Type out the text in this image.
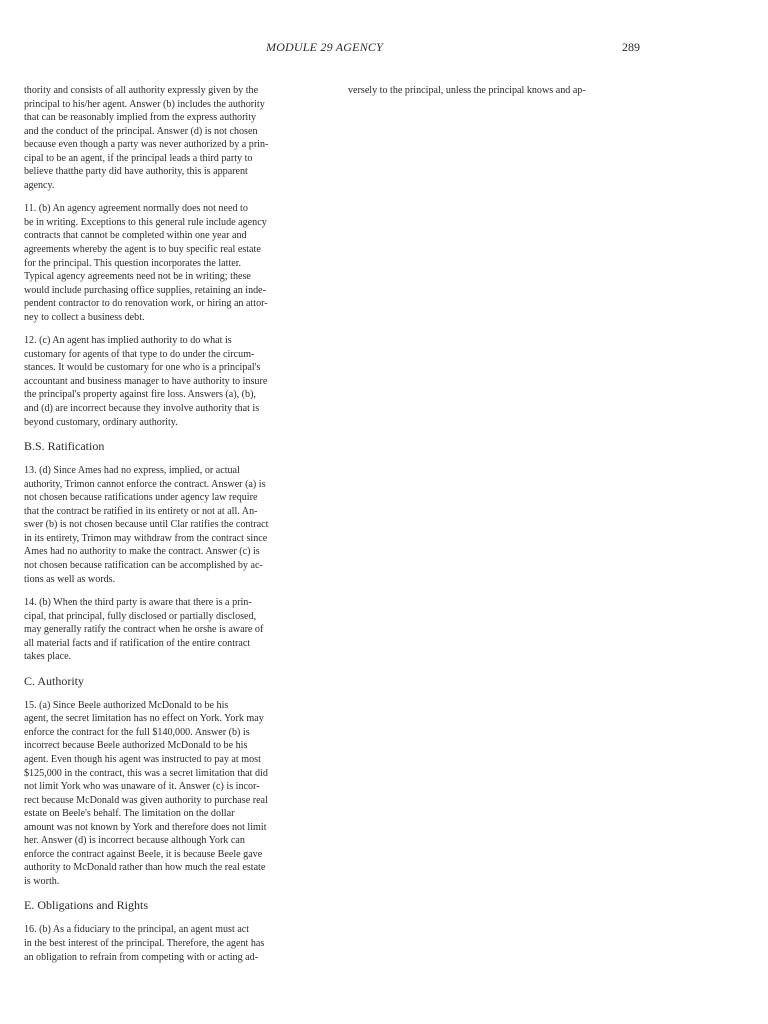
MODULE 29 AGENCY	289
thority and consists of all authority expressly given by the
principal to his/her agent. Answer (b) includes the authority
that can be reasonably implied from the express authority
and the conduct of the principal. Answer (d) is not chosen
because even though a party was never authorized by a prin-
cipal to be an agent, if the principal leads a third party to
believe thatthe party did have authority, this is apparent
agency.
11. (b) An agency agreement normally does not need to
be in writing. Exceptions to this general rule include agency
contracts that cannot be completed within one year and
agreements whereby the agent is to buy specific real estate
for the principal. This question incorporates the latter.
Typical agency agreements need not be in writing; these
would include purchasing office supplies, retaining an inde-
pendent contractor to do renovation work, or hiring an attor-
ney to collect a business debt.
12. (c) An agent has implied authority to do what is
customary for agents of that type to do under the circum-
stances. It would be customary for one who is a principal's
accountant and business manager to have authority to insure
the principal's property against fire loss. Answers (a), (b),
and (d) are incorrect because they involve authority that is
beyond customary, ordinary authority.
B.S. Ratification
13. (d) Since Ames had no express, implied, or actual
authority, Trimon cannot enforce the contract. Answer (a) is
not chosen because ratifications under agency law require
that the contract be ratified in its entirety or not at all. An-
swer (b) is not chosen because until Clar ratifies the contract
in its entirety, Trimon may withdraw from the contract since
Ames had no authority to make the contract. Answer (c) is
not chosen because ratification can be accomplished by ac-
tions as well as words.
14. (b) When the third party is aware that there is a prin-
cipal, that principal, fully disclosed or partially disclosed,
may generally ratify the contract when he orshe is aware of
all material facts and if ratification of the entire contract
takes place.
C. Authority
15. (a) Since Beele authorized McDonald to be his
agent, the secret limitation has no effect on York. York may
enforce the contract for the full $140,000. Answer (b) is
incorrect because Beele authorized McDonald to be his
agent. Even though his agent was instructed to pay at most
$125,000 in the contract, this was a secret limitation that did
not limit York who was unaware of it. Answer (c) is incor-
rect because McDonald was given authority to purchase real
estate on Beele's behalf. The limitation on the dollar
amount was not known by York and therefore does not limit
her. Answer (d) is incorrect because although York can
enforce the contract against Beele, it is because Beele gave
authority to McDonald rather than how much the real estate
is worth.
E. Obligations and Rights
16. (b) As a fiduciary to the principal, an agent must act
in the best interest of the principal. Therefore, the agent has
an obligation to refrain from competing with or acting ad-
versely to the principal, unless the principal knows and ap-
